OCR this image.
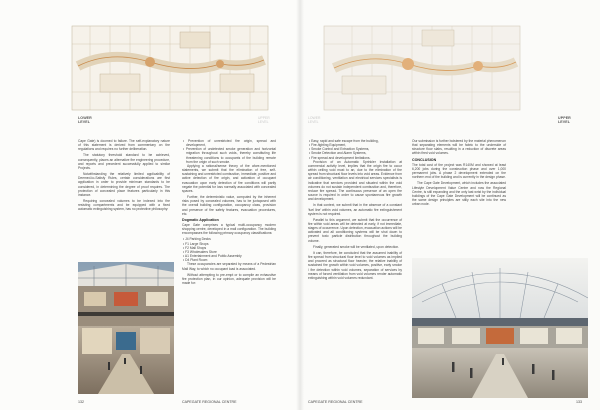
LOWER
LEVEL
UPPER
LEVEL

Cape Gate) is doomed to failure. The self-explanatory nature of this statement is derived from commentary on the regulations and requires no further deliberation.

The statutory threshold standard to be achieved, consequently, places an alternative fire engineering procedure, and reports and precedent successfully applied to similar Projects.

Notwithstanding the relatively limited applicability of Deemed-to-Satisfy Rules, certain considerations are first application in order to provide minimum standards to be considered, in determining the degree of proof requires. The protection of concealed place features particularly in this instance.

Requiring concealed volumes to be indexed into fire resisting compartments and be equipped with a fixed automatic extinguishing system, has no protective philosophy:

• Prevention of unrestricted fire origin, spread and development,
• Prevention of undetected smoke generation and horizontal migration throughout such voids, thereby constituting life threatening conditions to occupants of the building remote from the origin of such smoke.

Applying a rational/sense theory of the afore-mentioned statements, we submit that the elimination of free, self-sustaining and unrestricted combustion, immediate, positive and active detection of fire origin, and activation of occupant evacuation upon early detection of fire conditions will partly negate the potential for loss normally associated with concealed spaces.

Further, the deterministic value, computed by the inherent risks posed by concealed volumes, has to be juxtaposed with the overall building configuration, occupancy class, provision and presence of fire safety features, evacuation procedures, etc.

Dogmatic Application

Cape Gate comprises a typical multi-occupancy modern shopping centre, developed in a mall configuration. The building encompasses the following primary occupancy classifications:

• J4 Parking Decks
• F1 Large Shops
• F2 Mall Shops
• F3 Wholesalers Store
• A1 Entertainment and Public Assembly
• D4 Plant Room

These occupancies are separated by means of a Pedestrian Mall Way, to which no occupant load is associated.

Without attempting to pre-empt or to compile an exhaustive fire protection plan, in our opinion, adequate provision will be made for:

132	CAPEGATE REGIONAL CENTRE
LOWER
LEVEL
UPPER
LEVEL
• Easy, rapid and safe escape from the building,
• Fire-fighting Equipment,
• Smoke Control and Extraction Systems,
• Smoke Detection and Alarm Systems,
• Fire spread and development limitations.

Provision of an Automatic Sprinkler Installation at commercial activity level, implies that the origin fire to occur within ceiling void must to an, due to the elimination of the spread from structural floor levels into void areas. Evidence from air conditioning, ventilation and electrical services specialists is indicative that services provided and situated within the void volumes do not sustain independent combustion and, therefore, reduce fire spread. The continuous presence of an open fire source is required in order to cause spontaneous fire growth and development.

In that context, we submit that in the absence of a constant 'fuel line' within void volumes, an automatic fire extinguishment system is not required.

Parallel to this argument, we submit that the occurrence of fire within void areas will be detected at early, if not immediate, stages of occurrence. Upon detection, evacuation actions will be activated and all conditioning systems will be shut down to prevent toxic particle distribution throughout the building volume.

Finally, generated smoke will be ventilated, upon detection.

It can, therefore, be concluded that the assumed inability of fire spread from structural floor level to void volumes as implied and proceed as structural floor heavier, the relative inability of sustained fire growth within void volumes, positive, early smoke / fire detection within void volumes, separation of services by means of forced ventilation from void volumes render automatic extinguishing within void volumes redundant.

Our submission is further bolstered by the material phenomenon that separating elements will be fabric to the underside of structure floor slabs, resulting in a reduction of discrete areas within fired void volumes.

CONCLUSION

The total cost of the project was R140M and showed at least 6,200 jobs during the construction phase and over 1,000 permanent jobs. A phase 2 development extended on the northern end of the building and is currently in the design phase.

The Cape Gate Development, which includes the associated Lifestyle Development Value Centre and now the Regional Centre, is still expanding and the only last wrist by the individual buildings of the Cape Gate Development will be continued as the same design principles are stilly each site into the new urban node.

CAPEGATE REGIONAL CENTRE	133
